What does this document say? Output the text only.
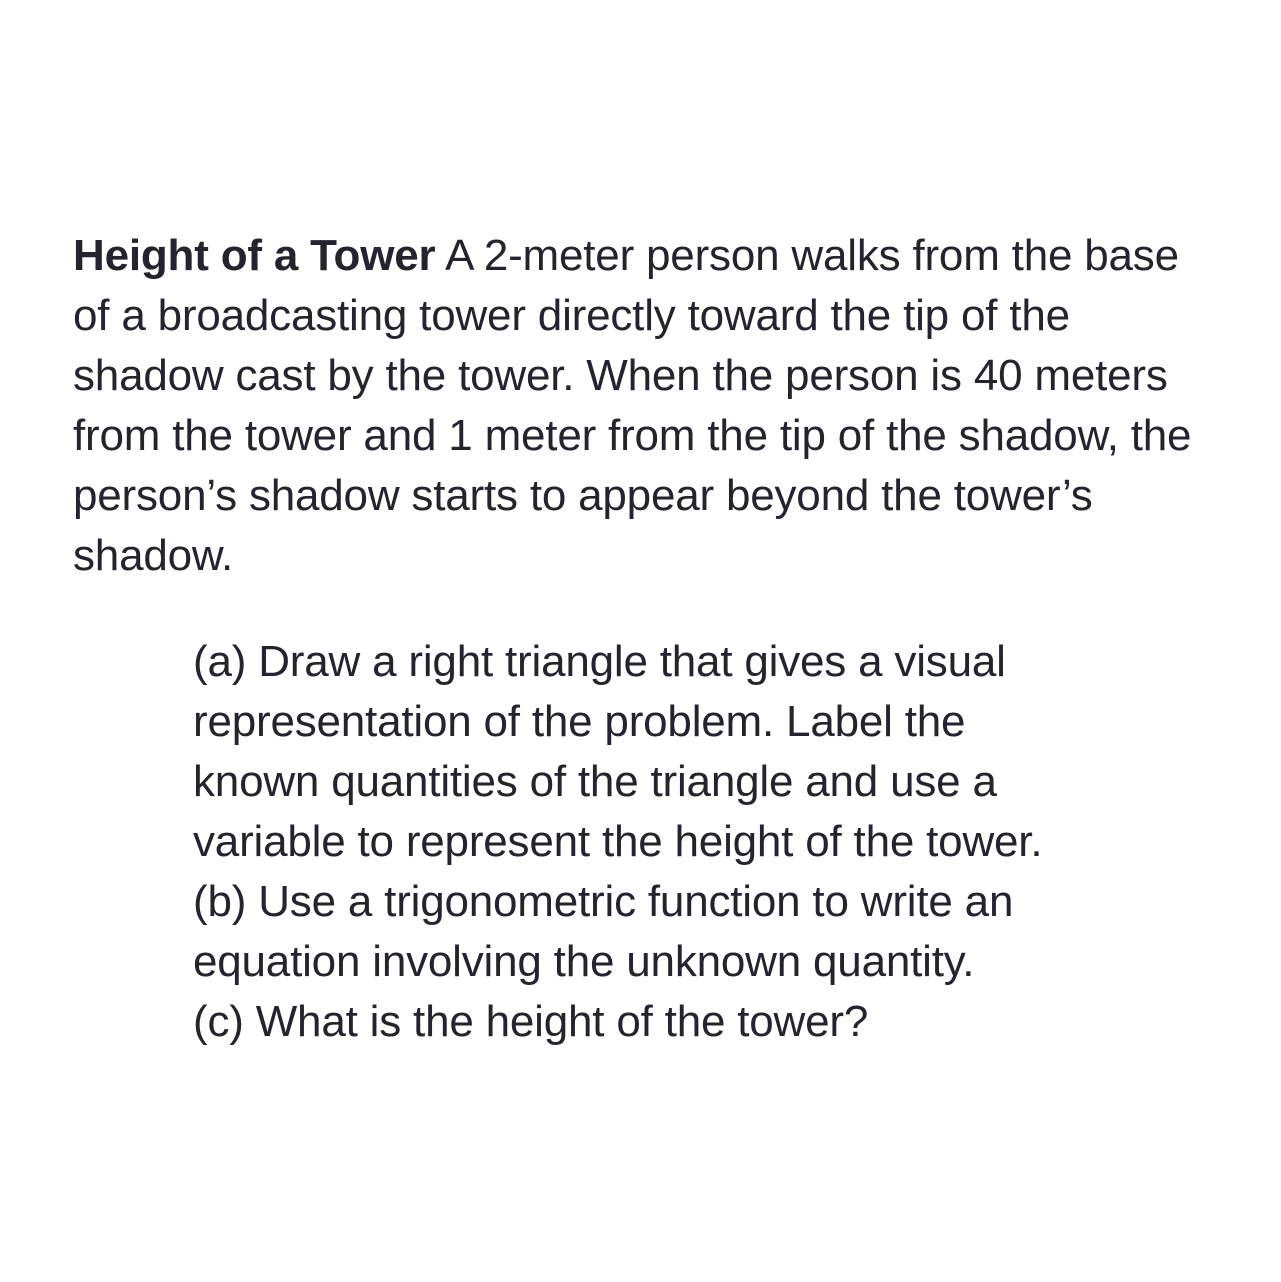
Height of a Tower A 2-meter person walks from the base of a broadcasting tower directly toward the tip of the shadow cast by the tower. When the person is 40 meters from the tower and 1 meter from the tip of the shadow, the person’s shadow starts to appear beyond the tower’s shadow.

(a) Draw a right triangle that gives a visual representation of the problem. Label the known quantities of the triangle and use a variable to represent the height of the tower.

(b) Use a trigonometric function to write an equation involving the unknown quantity.

(c) What is the height of the tower?
